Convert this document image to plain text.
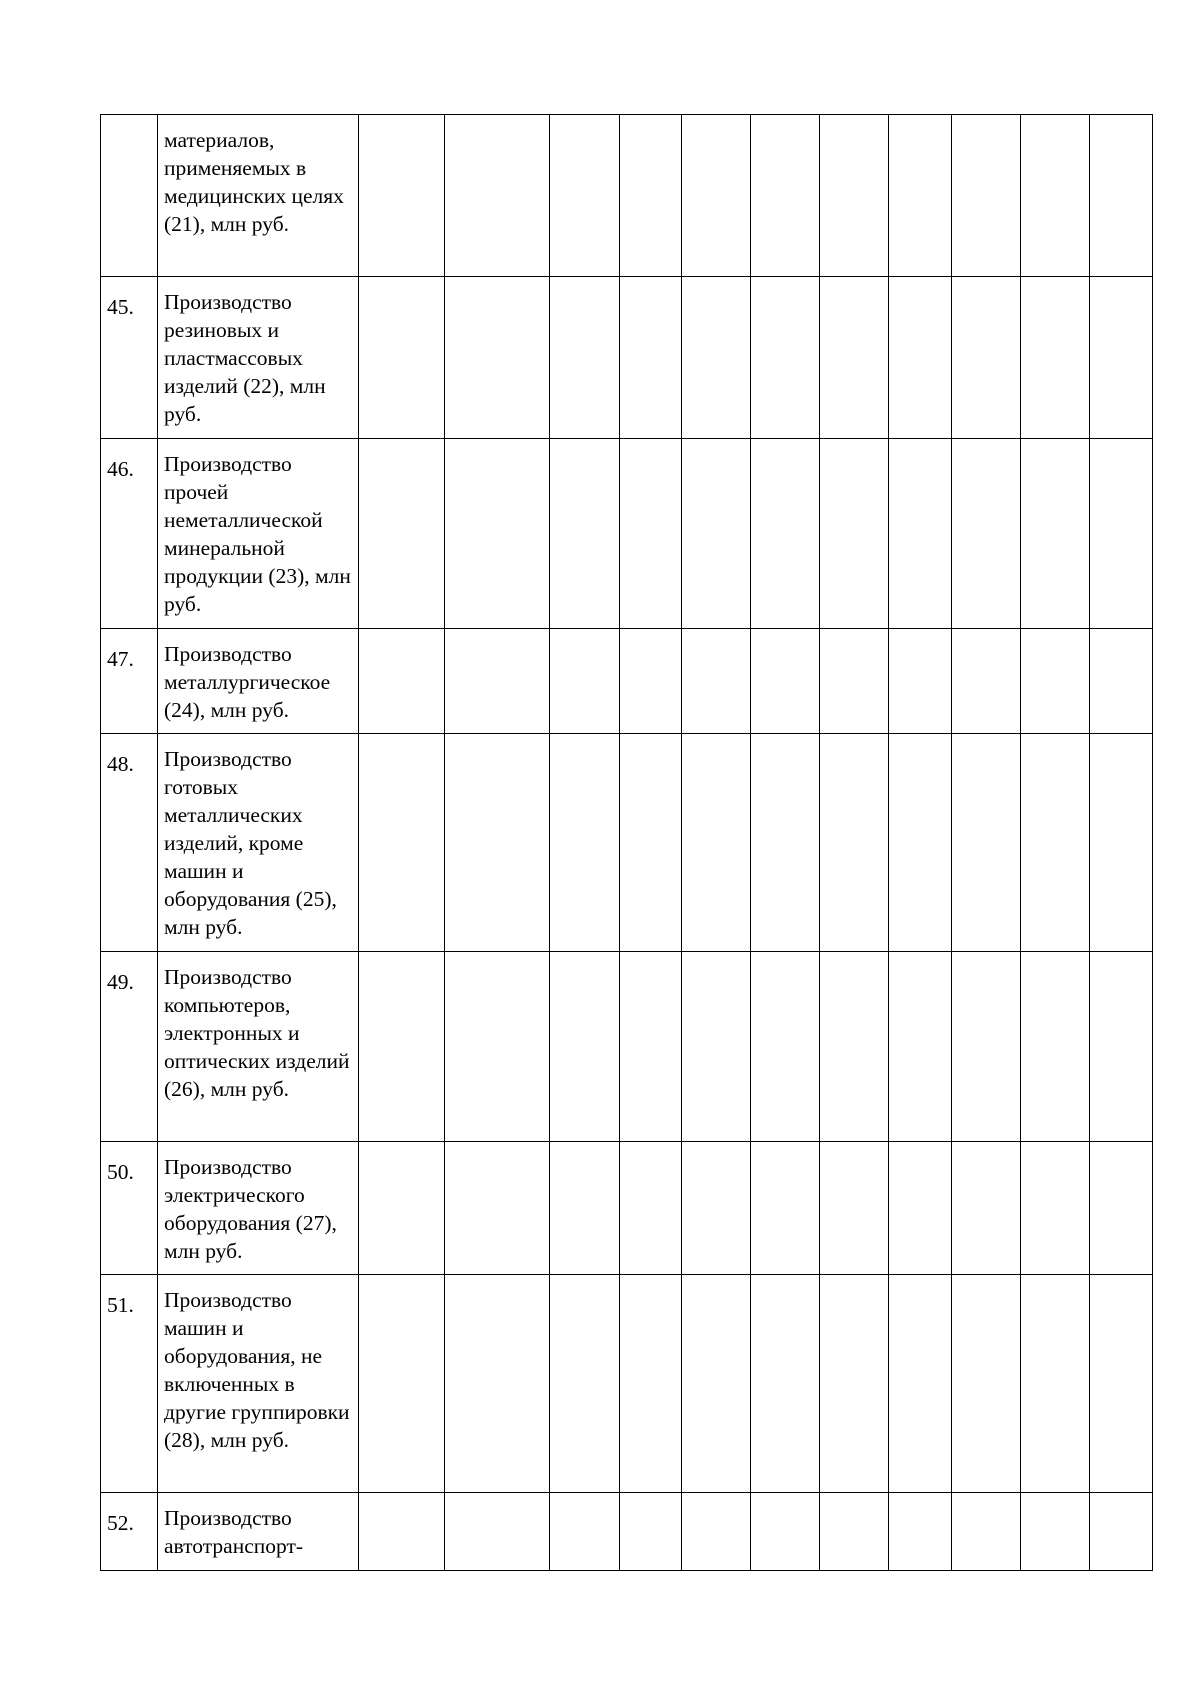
	материалов, применяемых в медицинских целях (21), млн руб.											

45.	Производство резиновых и пластмассовых изделий (22), млн руб.											

46.	Производство прочей неметаллической минеральной продукции (23), млн руб.											

47.	Производство металлургическое (24), млн руб.											

48.	Производство готовых металлических изделий, кроме машин и оборудования (25), млн руб.											

49.	Производство компьютеров, электронных и оптических изделий (26), млн руб.											

50.	Производство электрического оборудования (27), млн руб.											

51.	Производство машин и оборудования, не включенных в другие группировки (28), млн руб.											

52.	Производство автотранспорт-											
